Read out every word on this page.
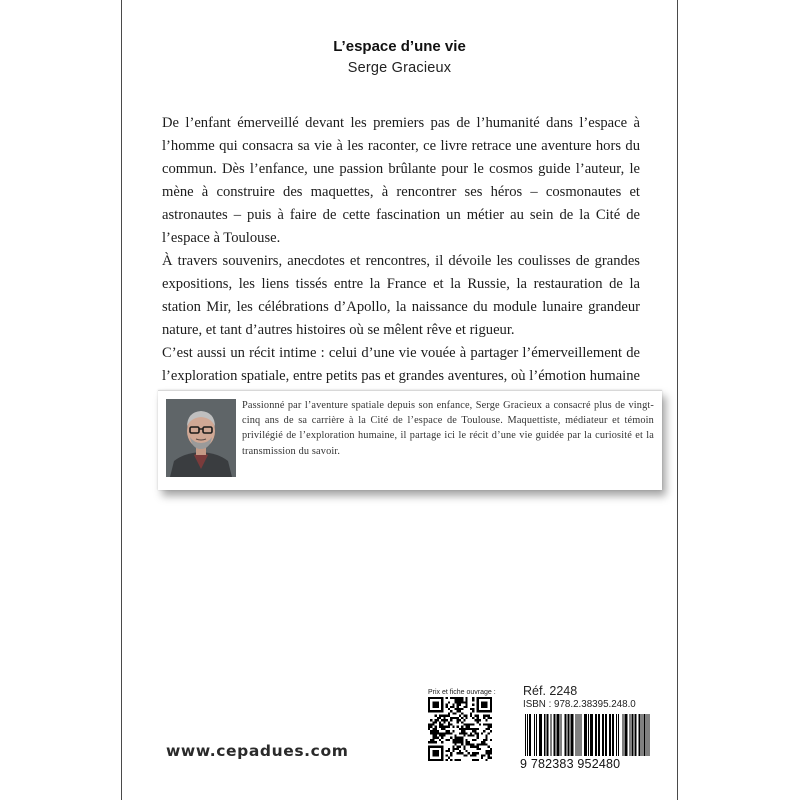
L’espace d’une vie
Serge Gracieux

De l’enfant émerveillé devant les premiers pas de l’humanité dans l’espace à l’homme qui consacra sa vie à les raconter, ce livre retrace une aventure hors du commun. Dès l’enfance, une passion brûlante pour le cosmos guide l’auteur, le mène à construire des maquettes, à rencontrer ses héros – cosmonautes et astronautes – puis à faire de cette fascination un métier au sein de la Cité de l’espace à Toulouse.

À travers souvenirs, anecdotes et rencontres, il dévoile les coulisses de grandes expositions, les liens tissés entre la France et la Russie, la restauration de la station Mir, les célébrations d’Apollo, la naissance du module lunaire grandeur nature, et tant d’autres histoires où se mêlent rêve et rigueur.

C’est aussi un récit intime : celui d’une vie vouée à partager l’émerveillement de l’exploration spatiale, entre petits pas et grandes aventures, où l’émotion humaine

Passionné par l’aventure spatiale depuis son enfance, Serge Gracieux a consacré plus de vingt-cinq ans de sa carrière à la Cité de l’espace de Toulouse. Maquettiste, médiateur et témoin privilégié de l’exploration humaine, il partage ici le récit d’une vie guidée par la curiosité et la transmission du savoir.
www.cepadues.com
Prix et fiche ouvrage : Réf. 2248
ISBN : 978.2.38395.248.0
9 782383 952480
